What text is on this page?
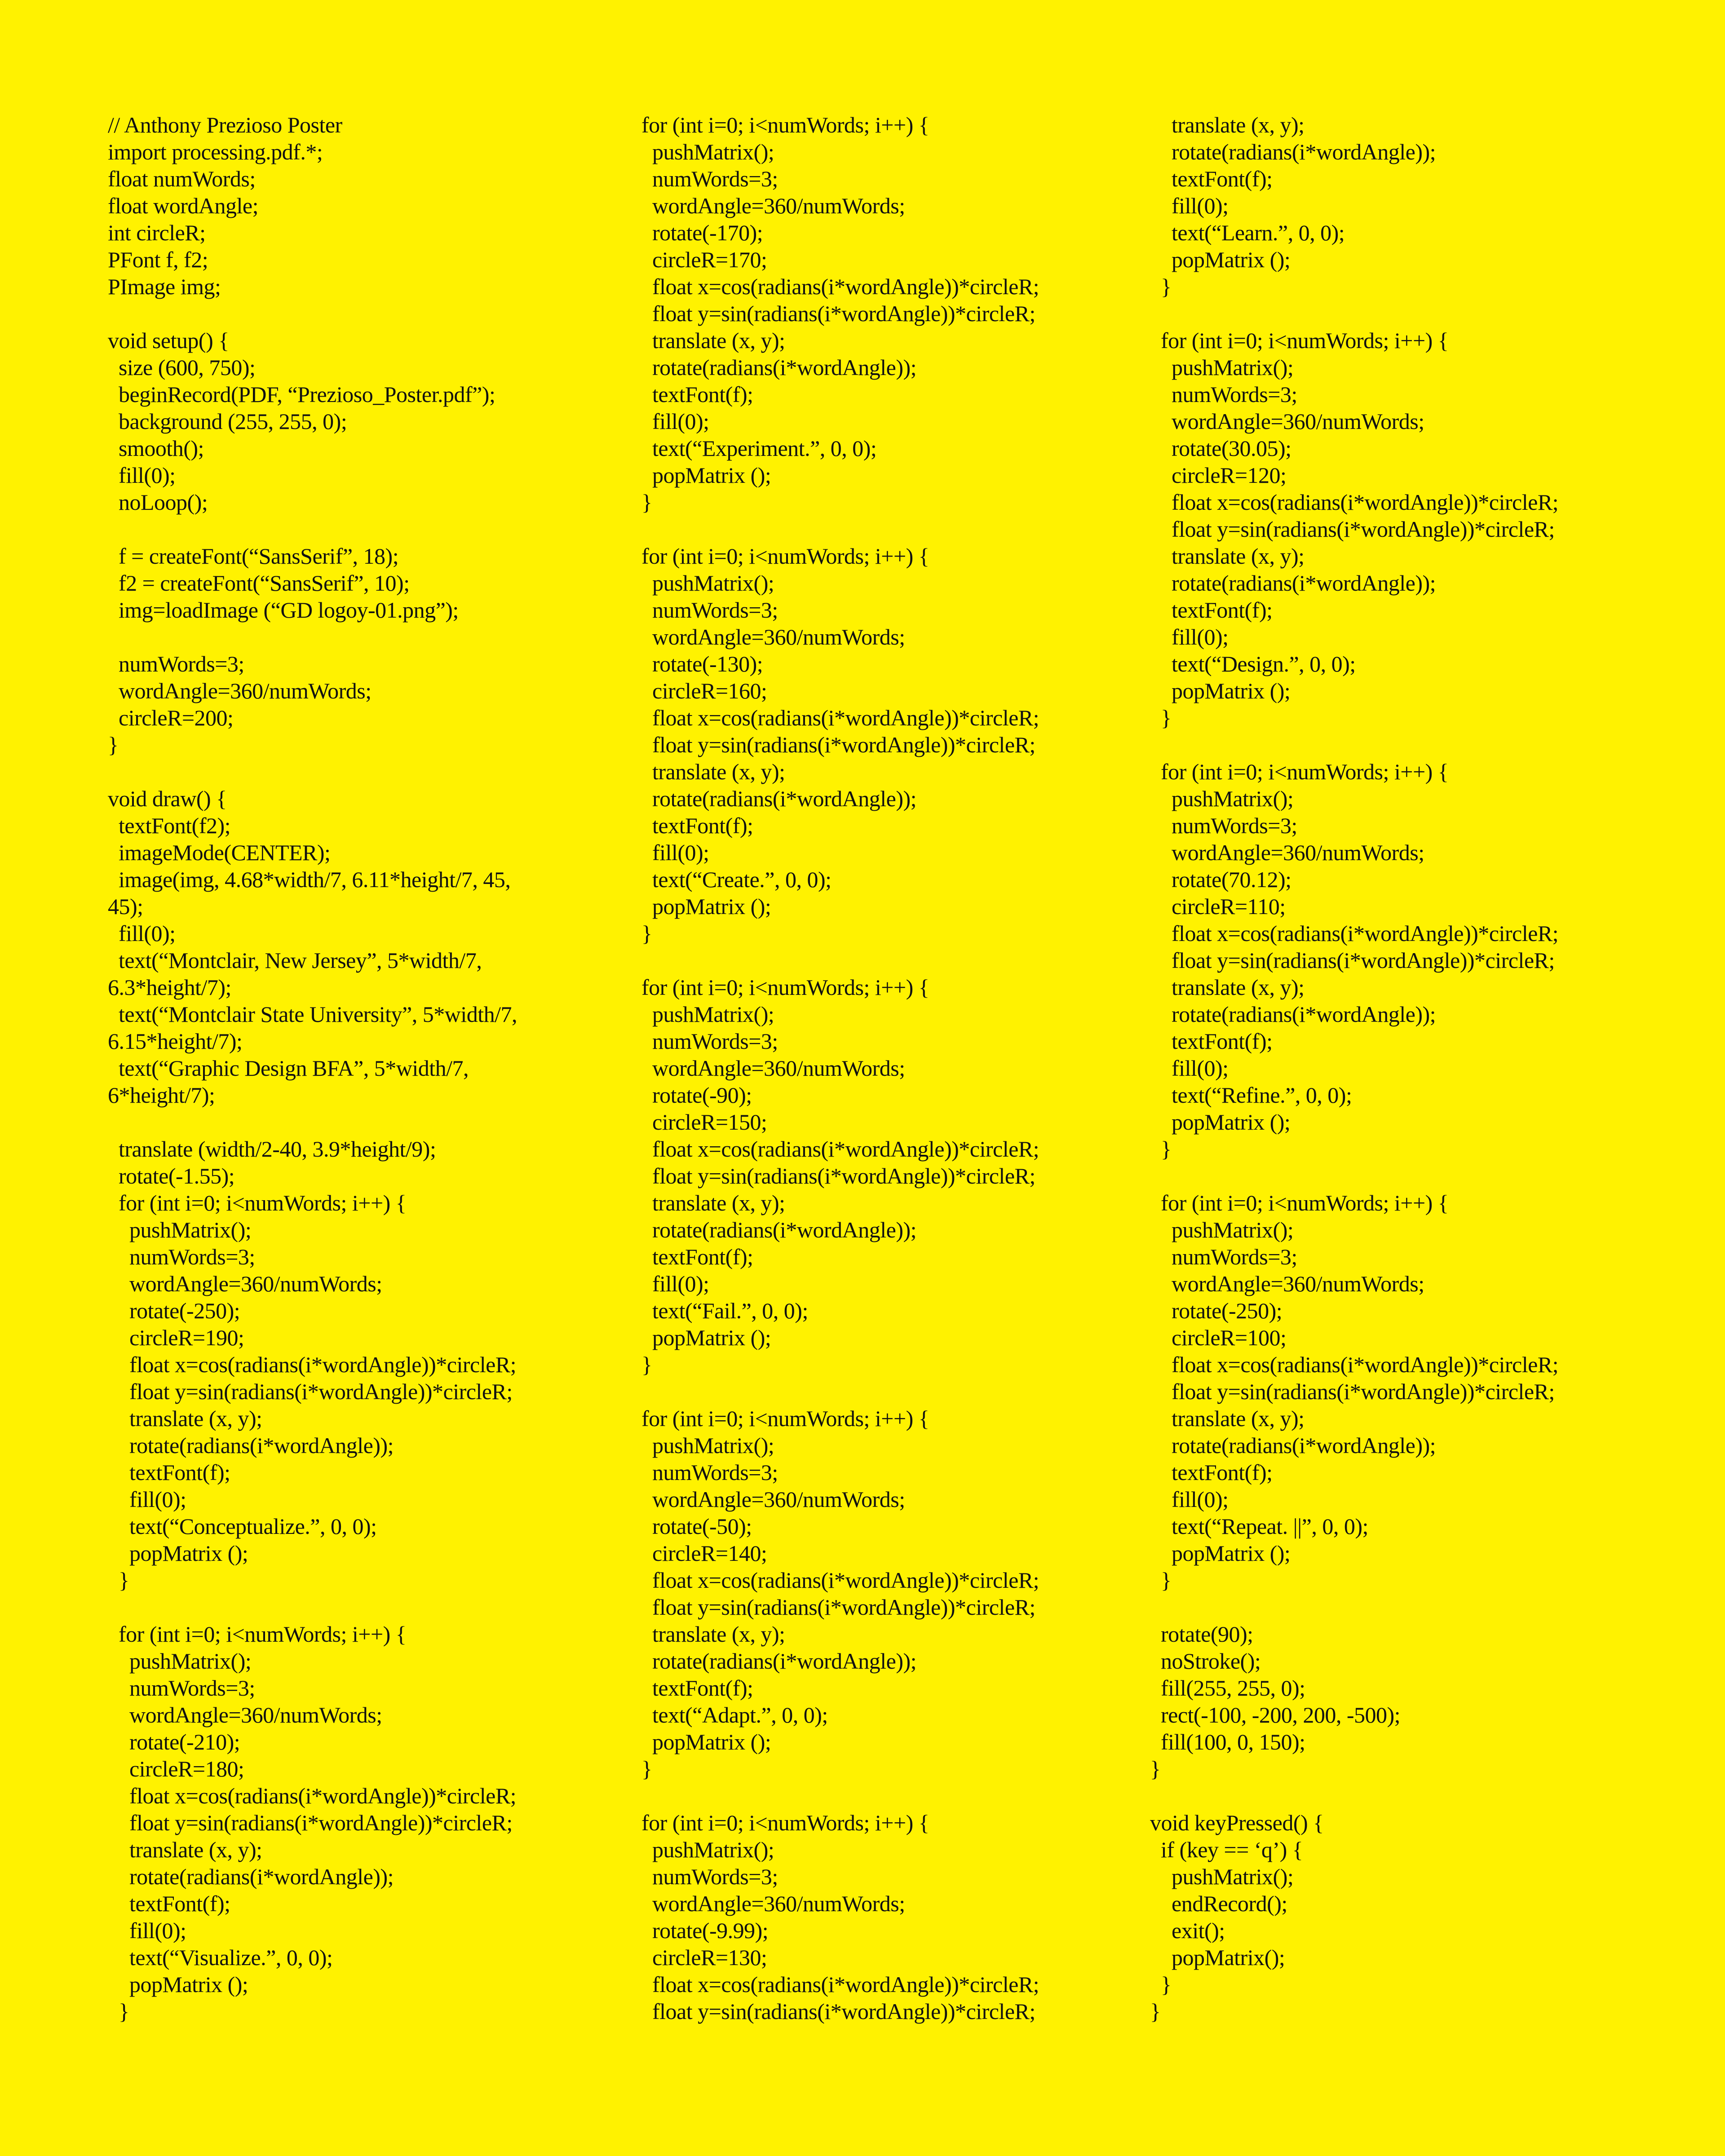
// Anthony Prezioso Poster
import processing.pdf.*;
float numWords;
float wordAngle;
int circleR;
PFont f, f2;
PImage img;

void setup() {
size (600, 750);
beginRecord(PDF, “Prezioso_Poster.pdf”);
background (255, 255, 0);
smooth();
fill(0);
noLoop();

f = createFont(“SansSerif”, 18);
f2 = createFont(“SansSerif”, 10);
img=loadImage (“GD logoy-01.png”);

numWords=3;
wordAngle=360/numWords;
circleR=200;
}

void draw() {
textFont(f2);
imageMode(CENTER);
image(img, 4.68*width/7, 6.11*height/7, 45,
45);
fill(0);
text(“Montclair, New Jersey”, 5*width/7,
6.3*height/7);
text(“Montclair State University”, 5*width/7,
6.15*height/7);
text(“Graphic Design BFA”, 5*width/7,
6*height/7);

translate (width/2-40, 3.9*height/9);
rotate(-1.55);
for (int i=0; i<numWords; i++) {
pushMatrix();
numWords=3;
wordAngle=360/numWords;
rotate(-250);
circleR=190;
float x=cos(radians(i*wordAngle))*circleR;
float y=sin(radians(i*wordAngle))*circleR;
translate (x, y);
rotate(radians(i*wordAngle));
textFont(f);
fill(0);
text(“Conceptualize.”, 0, 0);
popMatrix ();
}

for (int i=0; i<numWords; i++) {
pushMatrix();
numWords=3;
wordAngle=360/numWords;
rotate(-210);
circleR=180;
float x=cos(radians(i*wordAngle))*circleR;
float y=sin(radians(i*wordAngle))*circleR;
translate (x, y);
rotate(radians(i*wordAngle));
textFont(f);
fill(0);
text(“Visualize.”, 0, 0);
popMatrix ();
}
for (int i=0; i<numWords; i++) {
pushMatrix();
numWords=3;
wordAngle=360/numWords;
rotate(-170);
circleR=170;
float x=cos(radians(i*wordAngle))*circleR;
float y=sin(radians(i*wordAngle))*circleR;
translate (x, y);
rotate(radians(i*wordAngle));
textFont(f);
fill(0);
text(“Experiment.”, 0, 0);
popMatrix ();
}

for (int i=0; i<numWords; i++) {
pushMatrix();
numWords=3;
wordAngle=360/numWords;
rotate(-130);
circleR=160;
float x=cos(radians(i*wordAngle))*circleR;
float y=sin(radians(i*wordAngle))*circleR;
translate (x, y);
rotate(radians(i*wordAngle));
textFont(f);
fill(0);
text(“Create.”, 0, 0);
popMatrix ();
}

for (int i=0; i<numWords; i++) {
pushMatrix();
numWords=3;
wordAngle=360/numWords;
rotate(-90);
circleR=150;
float x=cos(radians(i*wordAngle))*circleR;
float y=sin(radians(i*wordAngle))*circleR;
translate (x, y);
rotate(radians(i*wordAngle));
textFont(f);
fill(0);
text(“Fail.”, 0, 0);
popMatrix ();
}

for (int i=0; i<numWords; i++) {
pushMatrix();
numWords=3;
wordAngle=360/numWords;
rotate(-50);
circleR=140;
float x=cos(radians(i*wordAngle))*circleR;
float y=sin(radians(i*wordAngle))*circleR;
translate (x, y);
rotate(radians(i*wordAngle));
textFont(f);
text(“Adapt.”, 0, 0);
popMatrix ();
}

for (int i=0; i<numWords; i++) {
pushMatrix();
numWords=3;
wordAngle=360/numWords;
rotate(-9.99);
circleR=130;
float x=cos(radians(i*wordAngle))*circleR;
float y=sin(radians(i*wordAngle))*circleR;
translate (x, y);
rotate(radians(i*wordAngle));
textFont(f);
fill(0);
text(“Learn.”, 0, 0);
popMatrix ();
}

for (int i=0; i<numWords; i++) {
pushMatrix();
numWords=3;
wordAngle=360/numWords;
rotate(30.05);
circleR=120;
float x=cos(radians(i*wordAngle))*circleR;
float y=sin(radians(i*wordAngle))*circleR;
translate (x, y);
rotate(radians(i*wordAngle));
textFont(f);
fill(0);
text(“Design.”, 0, 0);
popMatrix ();
}

for (int i=0; i<numWords; i++) {
pushMatrix();
numWords=3;
wordAngle=360/numWords;
rotate(70.12);
circleR=110;
float x=cos(radians(i*wordAngle))*circleR;
float y=sin(radians(i*wordAngle))*circleR;
translate (x, y);
rotate(radians(i*wordAngle));
textFont(f);
fill(0);
text(“Refine.”, 0, 0);
popMatrix ();
}

for (int i=0; i<numWords; i++) {
pushMatrix();
numWords=3;
wordAngle=360/numWords;
rotate(-250);
circleR=100;
float x=cos(radians(i*wordAngle))*circleR;
float y=sin(radians(i*wordAngle))*circleR;
translate (x, y);
rotate(radians(i*wordAngle));
textFont(f);
fill(0);
text(“Repeat. ||”, 0, 0);
popMatrix ();
}

rotate(90);
noStroke();
fill(255, 255, 0);
rect(-100, -200, 200, -500);
fill(100, 0, 150);
}

void keyPressed() {
if (key == ‘q’) {
pushMatrix();
endRecord();
exit();
popMatrix();
}
}
